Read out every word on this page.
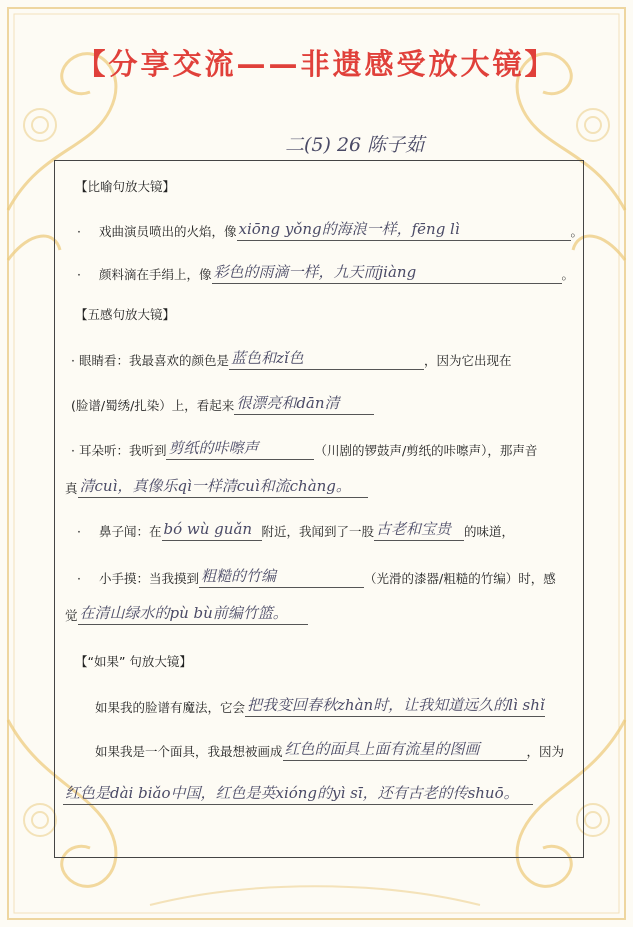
【分享交流——非遗感受放大镜】
二(5) 26 陈子茹
【比喻句放大镜】
· 戏曲演员喷出的火焰，像 xiōng yǒng的海浪一样，fēng lì	。
· 颜料滴在手绢上，像 彩色的雨滴一样，九天而jiàng	。
【五感句放大镜】
· 眼睛看：我最喜欢的颜色是 蓝色和zǐ色	，因为它出现在
(脸谱/蜀绣/扎染）上，看起来 很漂亮和dān清
· 耳朵听：我听到 剪纸的咔嚓声	（川剧的锣鼓声/剪纸的咔嚓声），那声音
真 清cuì，真像乐qì一样清cuì和流chàng。
· 鼻子闻：在 bó wù guǎn 附近，我闻到了一股 古老和宝贵 的味道，
· 小手摸：当我摸到 粗糙的竹编	（光滑的漆器/粗糙的竹编）时，感
觉 在清山绿水的pù bù前编竹篮。
【“如果” 句放大镜】
如果我的脸谱有魔法，它会 把我变回春秋zhàn时，让我知道远久的lì shǐ
如果我是一个面具，我最想被画成 红色的面具上面有流星的图画	，因为
红色是dài biǎo中国，红色是英xióng的yì sī，还有古老的传shuō。
